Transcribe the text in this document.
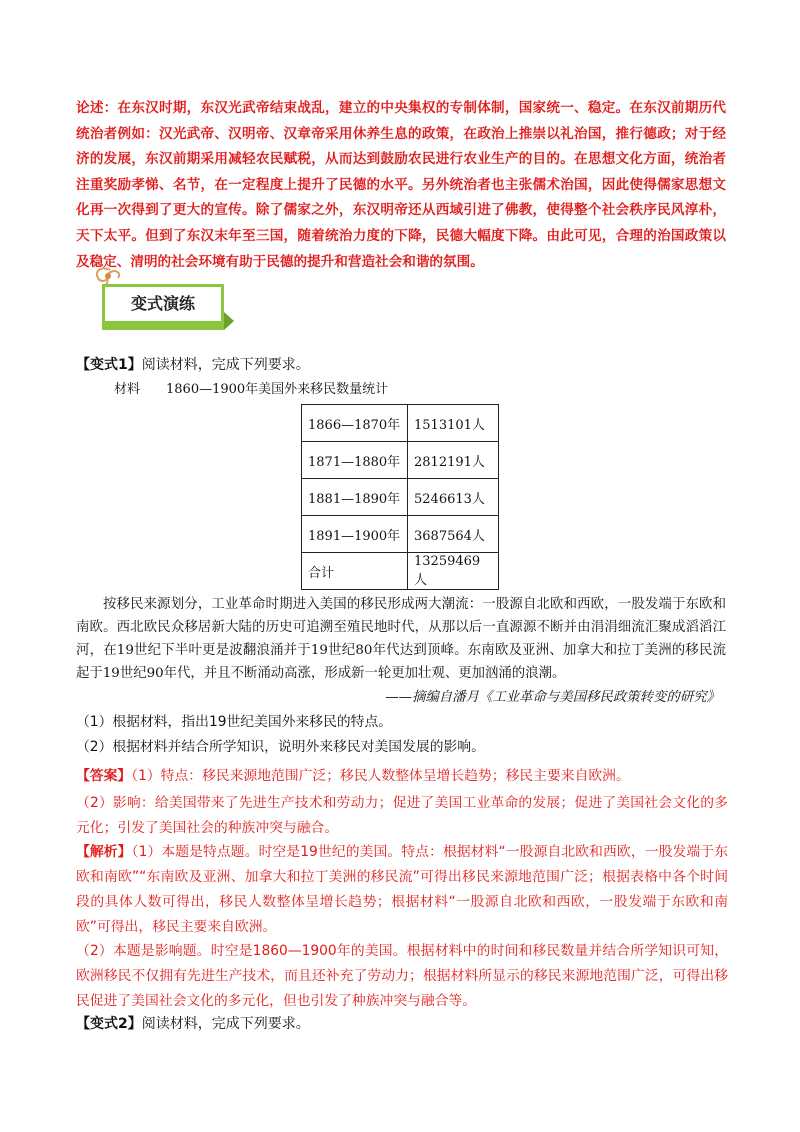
论述：在东汉时期，东汉光武帝结束战乱，建立的中央集权的专制体制，国家统一、稳定。在东汉前期历代统治者例如：汉光武帝、汉明帝、汉章帝采用休养生息的政策，在政治上推崇以礼治国，推行德政；对于经济的发展，东汉前期采用减轻农民赋税，从而达到鼓励农民进行农业生产的目的。在思想文化方面，统治者注重奖励孝悌、名节，在一定程度上提升了民德的水平。另外统治者也主张儒术治国，因此使得儒家思想文化再一次得到了更大的宣传。除了儒家之外，东汉明帝还从西域引进了佛教，使得整个社会秩序民风淳朴，天下太平。但到了东汉末年至三国，随着统治力度的下降，民德大幅度下降。由此可见，合理的治国政策以及稳定、清明的社会环境有助于民德的提升和营造社会和谐的氛围。
变式演练
【变式1】阅读材料，完成下列要求。
材料　　1860—1900年美国外来移民数量统计
1866—1870年	1513101人
1871—1880年	2812191人
1881—1890年	5246613人
1891—1900年	3687564人
合计	13259469人
按移民来源划分，工业革命时期进入美国的移民形成两大潮流：一股源自北欧和西欧，一股发端于东欧和南欧。西北欧民众移居新大陆的历史可追溯至殖民地时代，从那以后一直源源不断并由涓涓细流汇聚成滔滔江河，在19世纪下半叶更是波翻浪涌并于19世纪80年代达到顶峰。东南欧及亚洲、加拿大和拉丁美洲的移民流起于19世纪90年代，并且不断涌动高涨，形成新一轮更加壮观、更加汹涌的浪潮。
——摘编自潘月《工业革命与美国移民政策转变的研究》
（1）根据材料，指出19世纪美国外来移民的特点。
（2）根据材料并结合所学知识，说明外来移民对美国发展的影响。
【答案】（1）特点：移民来源地范围广泛；移民人数整体呈增长趋势；移民主要来自欧洲。
（2）影响：给美国带来了先进生产技术和劳动力；促进了美国工业革命的发展；促进了美国社会文化的多元化；引发了美国社会的种族冲突与融合。
【解析】（1）本题是特点题。时空是19世纪的美国。特点：根据材料“一股源自北欧和西欧，一股发端于东欧和南欧”“东南欧及亚洲、加拿大和拉丁美洲的移民流”可得出移民来源地范围广泛；根据表格中各个时间段的具体人数可得出，移民人数整体呈增长趋势；根据材料“一股源自北欧和西欧，一股发端于东欧和南欧”可得出，移民主要来自欧洲。
（2）本题是影响题。时空是1860—1900年的美国。根据材料中的时间和移民数量并结合所学知识可知，欧洲移民不仅拥有先进生产技术，而且还补充了劳动力；根据材料所显示的移民来源地范围广泛，可得出移民促进了美国社会文化的多元化，但也引发了种族冲突与融合等。
【变式2】阅读材料，完成下列要求。
